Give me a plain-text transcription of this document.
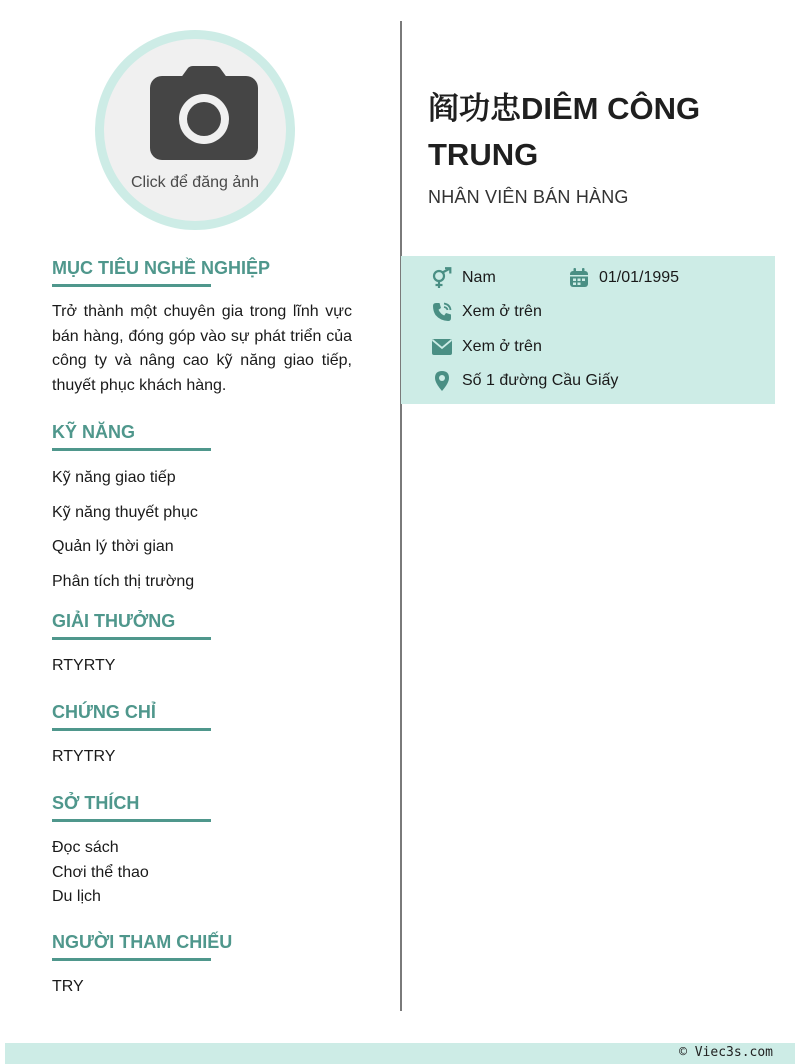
Click để đăng ảnh
MỤC TIÊU NGHỀ NGHIỆP
Trở thành một chuyên gia trong lĩnh vực bán hàng, đóng góp vào sự phát triển của công ty và nâng cao kỹ năng giao tiếp, thuyết phục khách hàng.
KỸ NĂNG
Kỹ năng giao tiếp
Kỹ năng thuyết phục
Quản lý thời gian
Phân tích thị trường
GIẢI THƯỞNG
RTYRTY
CHỨNG CHỈ
RTYTRY
SỞ THÍCH
Đọc sách
Chơi thể thao
Du lịch
NGƯỜI THAM CHIẾU
TRY
阎功忠DIÊM CÔNG TRUNG
NHÂN VIÊN BÁN HÀNG
Nam	01/01/1995
Xem ở trên
Xem ở trên
Số 1 đường Cầu Giấy
© Viec3s.com
